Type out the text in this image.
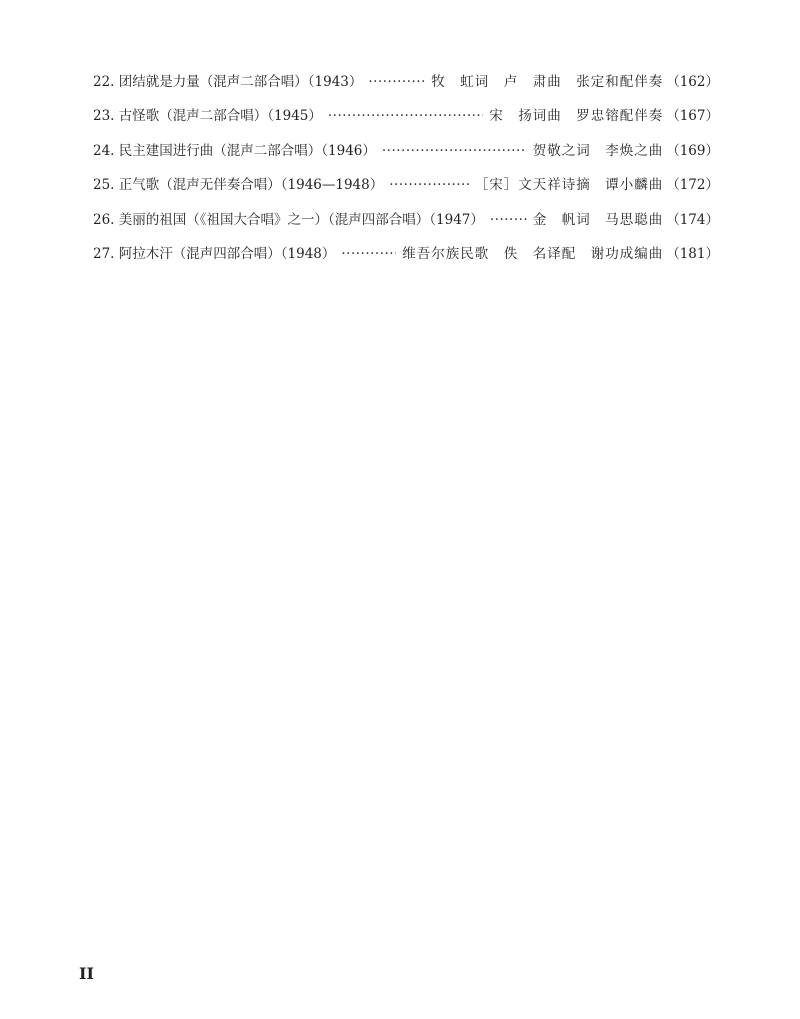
22. 团结就是力量（混声二部合唱）（1943） ·····	牧　虹词　卢　肃曲　张定和配伴奏 （162）
23. 古怪歌（混声二部合唱）（1945） ·····	宋　扬词曲　罗忠镕配伴奏 （167）
24. 民主建国进行曲（混声二部合唱）（1946） ·····	贺敬之词　李焕之曲 （169）
25. 正气歌（混声无伴奏合唱）（1946—1948） ·····	［宋］文天祥诗摘　谭小麟曲 （172）
26. 美丽的祖国（《祖国大合唱》之一）（混声四部合唱）（1947） ·····	金　帆词　马思聪曲 （174）
27. 阿拉木汗（混声四部合唱）（1948） ·····	维吾尔族民歌　佚　名译配　谢功成编曲 （181）
II
